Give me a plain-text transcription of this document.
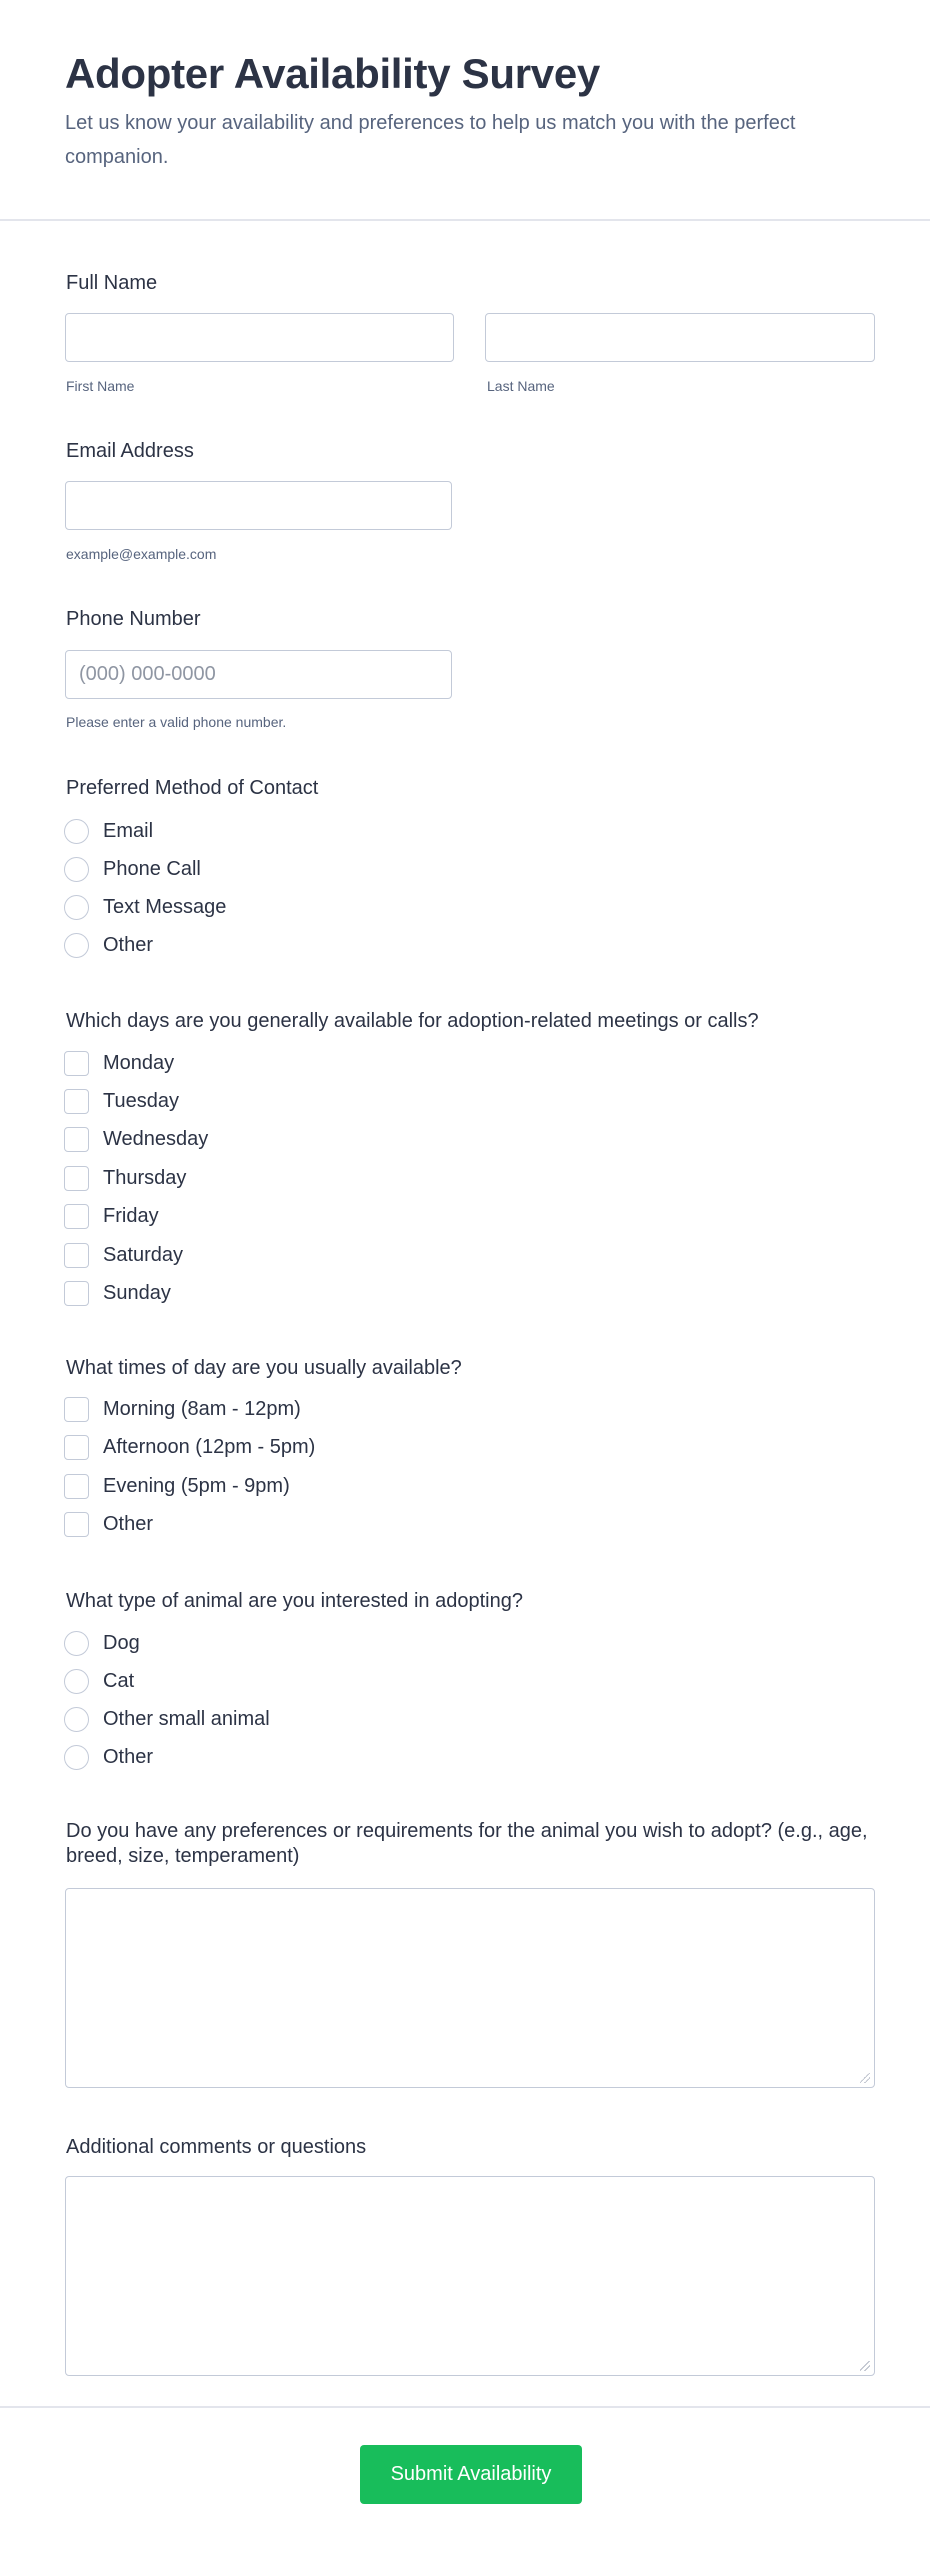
Adopter Availability Survey

Let us know your availability and preferences to help us match you with the perfect companion.

Full Name
First Name	Last Name
Email Address
example@example.com
Phone Number
(000) 000-0000
Please enter a valid phone number.
Preferred Method of Contact
Email
Phone Call
Text Message
Other
Which days are you generally available for adoption-related meetings or calls?
Monday
Tuesday
Wednesday
Thursday
Friday
Saturday
Sunday
What times of day are you usually available?
Morning (8am - 12pm)
Afternoon (12pm - 5pm)
Evening (5pm - 9pm)
Other
What type of animal are you interested in adopting?
Dog
Cat
Other small animal
Other
Do you have any preferences or requirements for the animal you wish to adopt? (e.g., age, breed, size, temperament)
Additional comments or questions
Submit Availability
